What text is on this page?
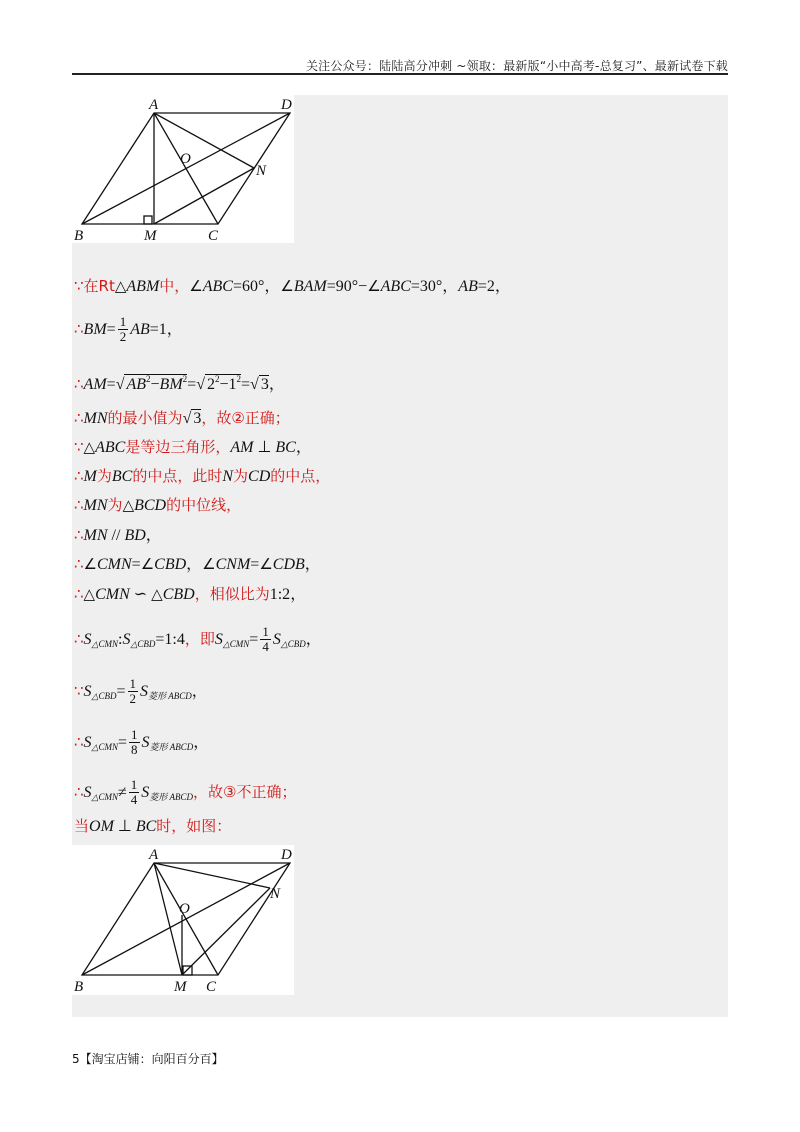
关注公众号：陆陆高分冲刺 ~领取：最新版“小中高考-总复习”、最新试卷下载
A	D
O
N
B	M	C
∵在Rt△ABM中，∠ABC=60°，∠BAM=90°−∠ABC=30°，AB=2，
∴BM= $\frac{1}{2} AB=1$，
∴AM=√ $AB^2-BM^2=√$ $2^2-1^2=√$ 3，
∴MN的最小值为√ 3，故②正确；
∵△ABC是等边三角形，AM ⊥ BC，
∴M为BC的中点，此时N为CD的中点，
∴MN为△BCD的中位线，
∴MN // BD，
∴∠CMN=∠CBD，∠CNM=∠CDB，
∴△CMN ∽ △CBD，相似比为1:2，
$\therefore S_{\triangle CMN}:S_{\triangle CBD}=1:4$，即$S_{\triangle CMN}= \frac{1}{4} S_{\triangle CBD}$，
$\because S_{\triangle CBD}= \frac{1}{2} S_{菱形 ABCD}$，
$\therefore S_{\triangle CMN}= \frac{1}{8} S_{菱形 ABCD}$，
$\therefore S_{\triangle CMN}\ne \frac{1}{4} S_{菱形 ABCD}$，故③不正确；
当OM ⊥ BC时，如图：
A	D
O
N
B	M C
5【淘宝店铺：向阳百分百】
